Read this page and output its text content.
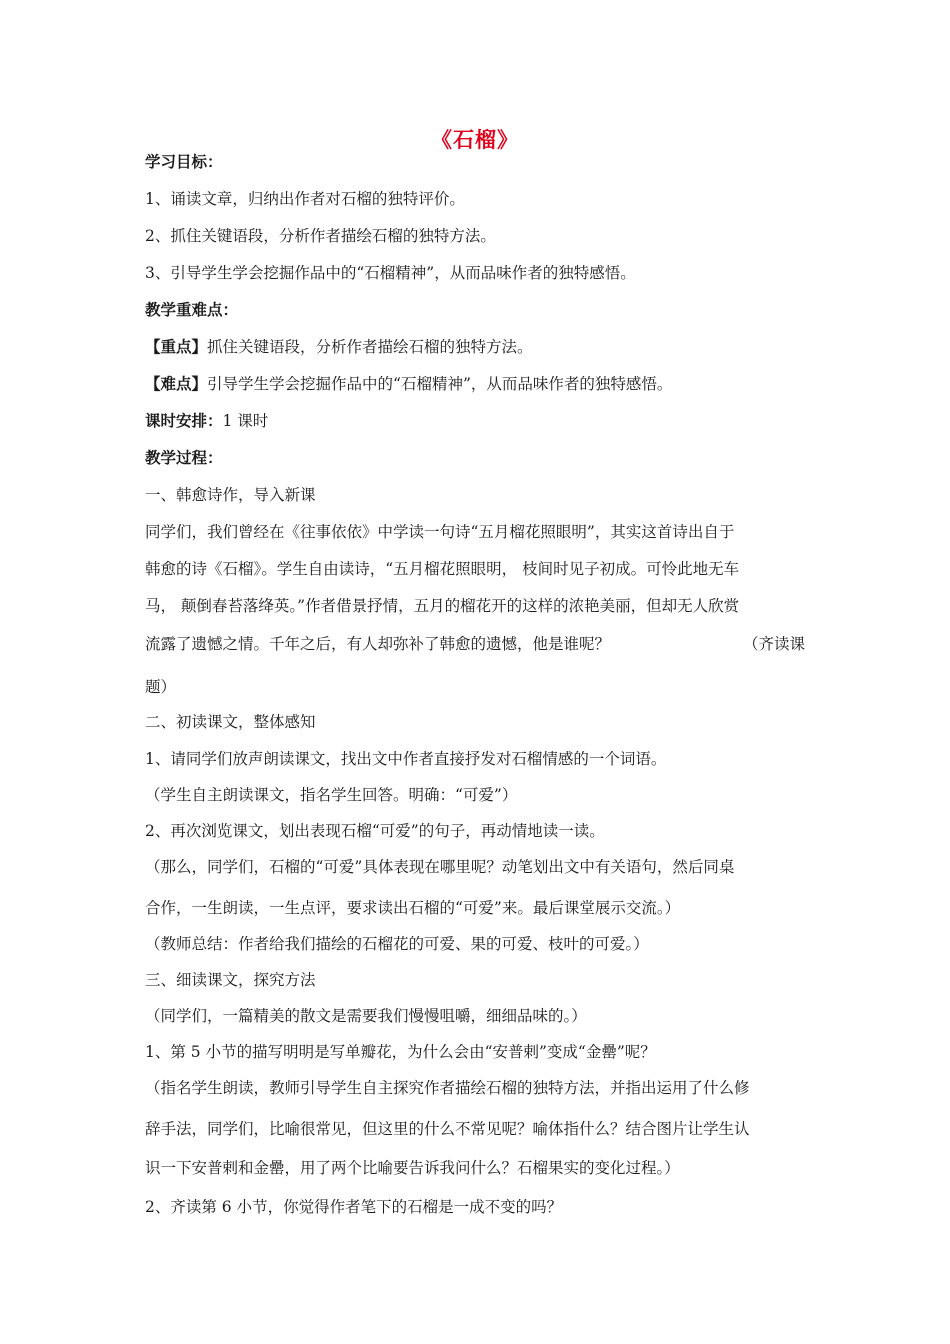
《石榴》
学习目标：
1、诵读文章，归纳出作者对石榴的独特评价。
2、抓住关键语段，分析作者描绘石榴的独特方法。
3、引导学生学会挖掘作品中的“石榴精神”，从而品味作者的独特感悟。
教学重难点：
【重点】抓住关键语段，分析作者描绘石榴的独特方法。
【难点】引导学生学会挖掘作品中的“石榴精神”，从而品味作者的独特感悟。
课时安排：1 课时
教学过程：
一、韩愈诗作，导入新课
同学们，我们曾经在《往事依依》中学读一句诗“五月榴花照眼明”，其实这首诗出自于
韩愈的诗《石榴》。学生自由读诗，“五月榴花照眼明， 枝间时见子初成。可怜此地无车
马， 颠倒春苔落绛英。”作者借景抒情，五月的榴花开的这样的浓艳美丽，但却无人欣赏
流露了遗憾之情。千年之后，有人却弥补了韩愈的遗憾，他是谁呢？	（齐读课
题）
二、初读课文，整体感知
1、请同学们放声朗读课文，找出文中作者直接抒发对石榴情感的一个词语。
（学生自主朗读课文，指名学生回答。明确：“可爱”）
2、再次浏览课文，划出表现石榴“可爱”的句子，再动情地读一读。
（那么，同学们，石榴的“可爱”具体表现在哪里呢？动笔划出文中有关语句，然后同桌
合作，一生朗读，一生点评，要求读出石榴的“可爱”来。最后课堂展示交流。）
（教师总结：作者给我们描绘的石榴花的可爱、果的可爱、枝叶的可爱。）
三、细读课文，探究方法
（同学们，一篇精美的散文是需要我们慢慢咀嚼，细细品味的。）
1、第 5 小节的描写明明是写单瓣花，为什么会由“安普剌”变成“金罍”呢？
（指名学生朗读，教师引导学生自主探究作者描绘石榴的独特方法，并指出运用了什么修
辞手法，同学们，比喻很常见，但这里的什么不常见呢？喻体指什么？结合图片让学生认
识一下安普剌和金罍，用了两个比喻要告诉我问什么？石榴果实的变化过程。）
2、齐读第 6 小节，你觉得作者笔下的石榴是一成不变的吗？
